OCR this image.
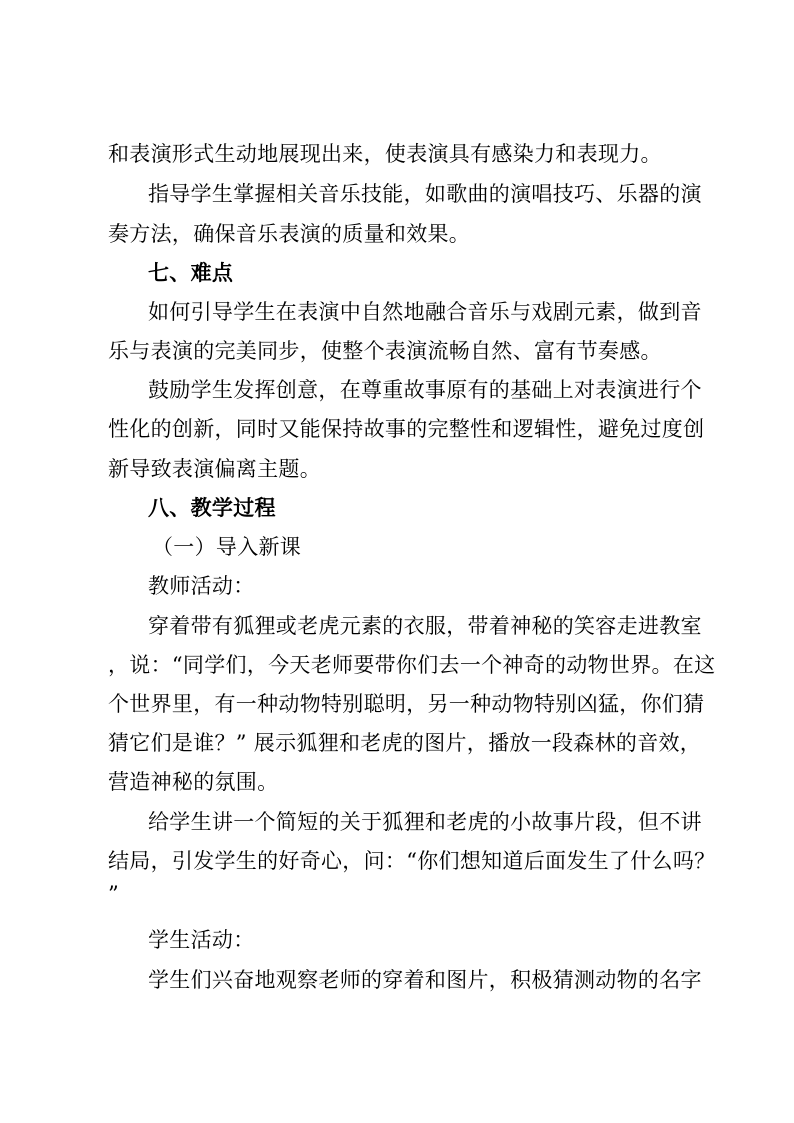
和表演形式生动地展现出来，使表演具有感染力和表现力。
指导学生掌握相关音乐技能，如歌曲的演唱技巧、乐器的演
奏方法，确保音乐表演的质量和效果。
七、难点
如何引导学生在表演中自然地融合音乐与戏剧元素，做到音
乐与表演的完美同步，使整个表演流畅自然、富有节奏感。
鼓励学生发挥创意，在尊重故事原有的基础上对表演进行个
性化的创新，同时又能保持故事的完整性和逻辑性，避免过度创
新导致表演偏离主题。
八、教学过程
（一）导入新课
教师活动：
穿着带有狐狸或老虎元素的衣服，带着神秘的笑容走进教室
，说：“同学们，今天老师要带你们去一个神奇的动物世界。在这
个世界里，有一种动物特别聪明，另一种动物特别凶猛，你们猜
猜它们是谁？” 展示狐狸和老虎的图片，播放一段森林的音效，
营造神秘的氛围。
给学生讲一个简短的关于狐狸和老虎的小故事片段，但不讲
结局，引发学生的好奇心，问：“你们想知道后面发生了什么吗？
”
学生活动：
学生们兴奋地观察老师的穿着和图片，积极猜测动物的名字
